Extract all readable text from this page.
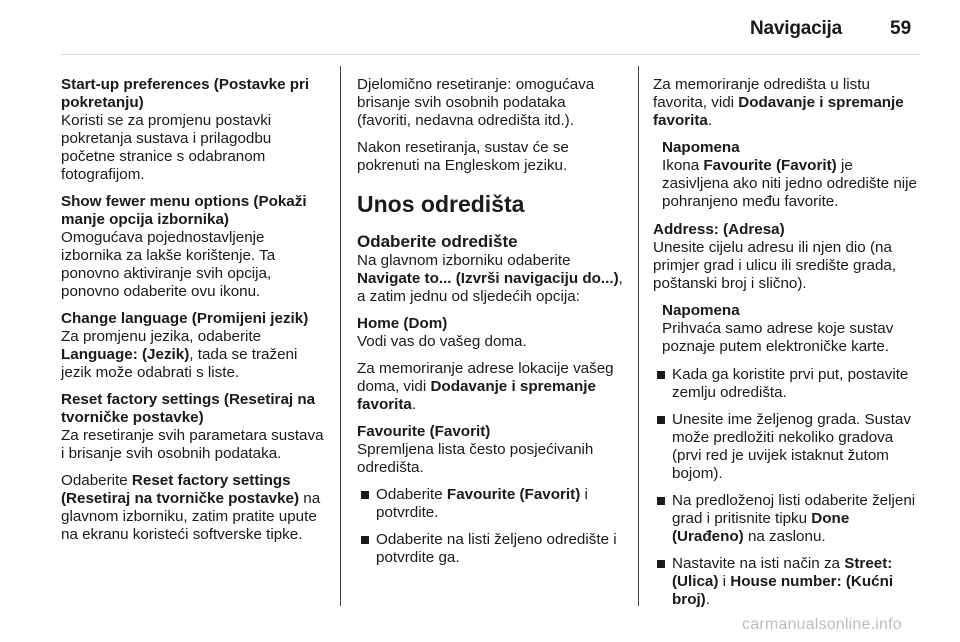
Navigacija	59
Start-up preferences (Postavke pri pokretanju)
Koristi se za promjenu postavki pokretanja sustava i prilagodbu početne stranice s odabranom fotografijom.
Show fewer menu options (Pokaži manje opcija izbornika)
Omogućava pojednostavljenje izbornika za lakše korištenje. Ta ponovno aktiviranje svih opcija, ponovno odaberite ovu ikonu.
Change language (Promijeni jezik)
Za promjenu jezika, odaberite Language: (Jezik), tada se traženi jezik može odabrati s liste.
Reset factory settings (Resetiraj na tvorničke postavke)
Za resetiranje svih parametara sustava i brisanje svih osobnih podataka.
Odaberite Reset factory settings (Resetiraj na tvorničke postavke) na glavnom izborniku, zatim pratite upute na ekranu koristeći softverske tipke.
Djelomično resetiranje: omogućava brisanje svih osobnih podataka (favoriti, nedavna odredišta itd.).
Nakon resetiranja, sustav će se pokrenuti na Engleskom jeziku.
Unos odredišta
Odaberite odredište
Na glavnom izborniku odaberite Navigate to... (Izvrši navigaciju do...), a zatim jednu od sljedećih opcija:
Home (Dom)
Vodi vas do vašeg doma.
Za memoriranje adrese lokacije vašeg doma, vidi Dodavanje i spremanje favorita.
Favourite (Favorit)
Spremljena lista često posjećivanih odredišta.
Odaberite Favourite (Favorit) i potvrdite.
Odaberite na listi željeno odredište i potvrdite ga.
Za memoriranje odredišta u listu favorita, vidi Dodavanje i spremanje favorita.
Napomena
Ikona Favourite (Favorit) je zasivljena ako niti jedno odredište nije pohranjeno među favorite.
Address: (Adresa)
Unesite cijelu adresu ili njen dio (na primjer grad i ulicu ili središte grada, poštanski broj i slično).
Napomena
Prihvaća samo adrese koje sustav poznaje putem elektroničke karte.
Kada ga koristite prvi put, postavite zemlju odredišta.
Unesite ime željenog grada. Sustav može predložiti nekoliko gradova (prvi red je uvijek istaknut žutom bojom).
Na predloženoj listi odaberite željeni grad i pritisnite tipku Done (Urađeno) na zaslonu.
Nastavite na isti način za Street: (Ulica) i House number: (Kućni broj).
carmanualsonline.info
